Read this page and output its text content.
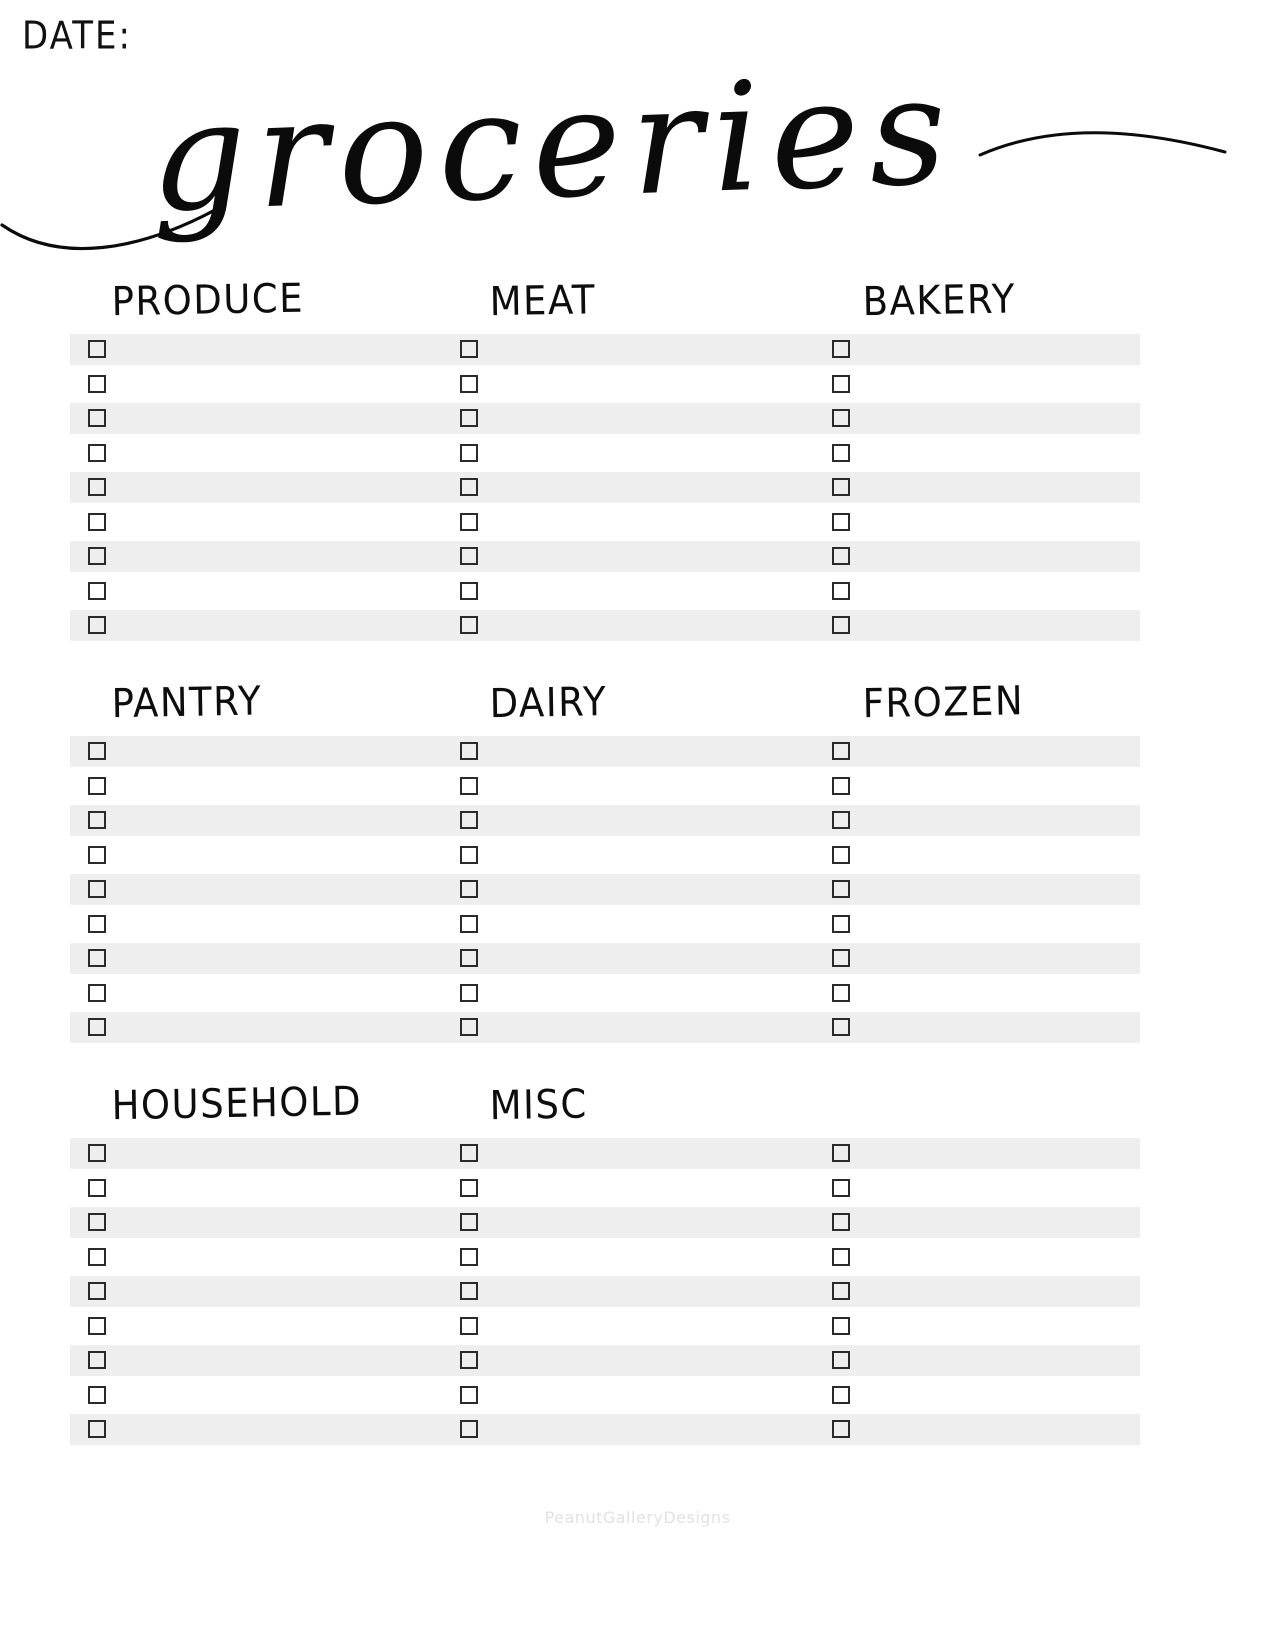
DATE:
groceries
PRODUCE	MEAT	BAKERY
PANTRY	DAIRY	FROZEN
HOUSEHOLD	MISC
PeanutGalleryDesigns
